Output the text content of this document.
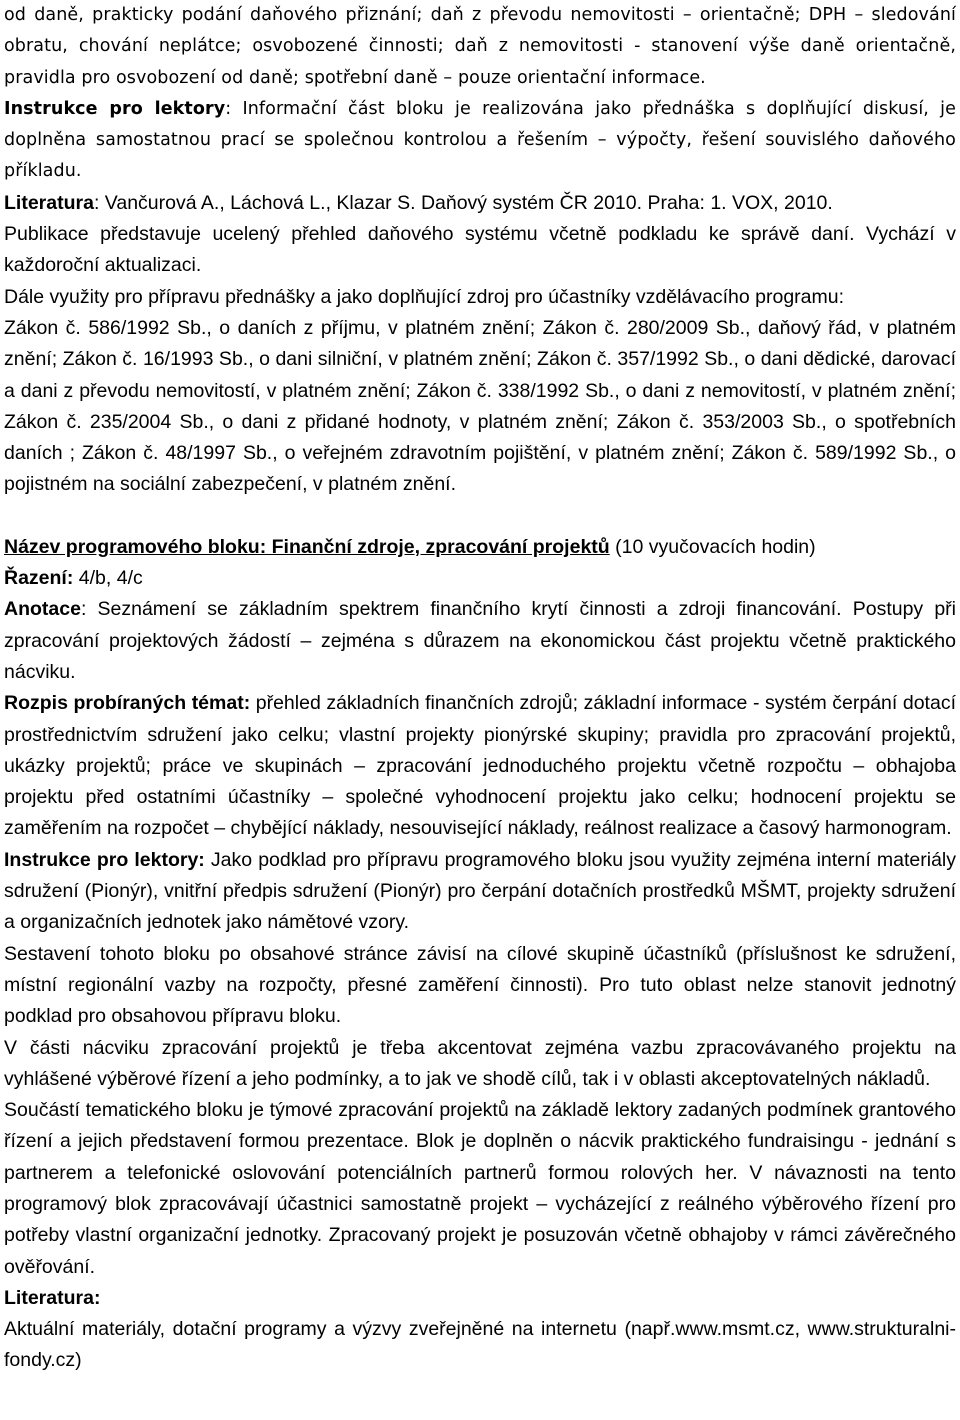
od daně, prakticky podání daňového přiznání; daň z převodu nemovitosti – orientačně; DPH – sledování obratu, chování neplátce; osvobozené činnosti; daň z nemovitosti - stanovení výše daně orientačně, pravidla pro osvobození od daně; spotřební daně – pouze orientační informace.

Instrukce pro lektory: Informační část bloku je realizována jako přednáška s doplňující diskusí, je doplněna samostatnou prací se společnou kontrolou a řešením – výpočty, řešení souvislého daňového příkladu.

Literatura: Vančurová A., Láchová L., Klazar S. Daňový systém ČR 2010. Praha: 1. VOX, 2010.

Publikace představuje ucelený přehled daňového systému včetně podkladu ke správě daní. Vychází v každoroční aktualizaci.

Dále využity pro přípravu přednášky a jako doplňující zdroj pro účastníky vzdělávacího programu:

Zákon č. 586/1992 Sb., o daních z příjmu, v platném znění; Zákon č. 280/2009 Sb., daňový řád, v platném znění; Zákon č. 16/1993 Sb., o dani silniční, v platném znění; Zákon č. 357/1992 Sb., o dani dědické, darovací a dani z převodu nemovitostí, v platném znění; Zákon č. 338/1992 Sb., o dani z nemovitostí, v platném znění; Zákon č. 235/2004 Sb., o dani z přidané hodnoty, v platném znění; Zákon č. 353/2003 Sb., o spotřebních daních ; Zákon č. 48/1997 Sb., o veřejném zdravotním pojištění, v platném znění; Zákon č. 589/1992 Sb., o pojistném na sociální zabezpečení, v platném znění.

Název programového bloku: Finanční zdroje, zpracování projektů (10 vyučovacích hodin)

Řazení: 4/b, 4/c

Anotace: Seznámení se základním spektrem finančního krytí činnosti a zdroji financování. Postupy při zpracování projektových žádostí – zejména s důrazem na ekonomickou část projektu včetně praktického nácviku.

Rozpis probíraných témat: přehled základních finančních zdrojů; základní informace - systém čerpání dotací prostřednictvím sdružení jako celku; vlastní projekty pionýrské skupiny; pravidla pro zpracování projektů, ukázky projektů; práce ve skupinách – zpracování jednoduchého projektu včetně rozpočtu – obhajoba projektu před ostatními účastníky – společné vyhodnocení projektu jako celku; hodnocení projektu se zaměřením na rozpočet – chybějící náklady, nesouvisející náklady, reálnost realizace a časový harmonogram.

Instrukce pro lektory: Jako podklad pro přípravu programového bloku jsou využity zejména interní materiály sdružení (Pionýr), vnitřní předpis sdružení (Pionýr) pro čerpání dotačních prostředků MŠMT, projekty sdružení a organizačních jednotek jako námětové vzory.

Sestavení tohoto bloku po obsahové stránce závisí na cílové skupině účastníků (příslušnost ke sdružení, místní regionální vazby na rozpočty, přesné zaměření činnosti). Pro tuto oblast nelze stanovit jednotný podklad pro obsahovou přípravu bloku.

V části nácviku zpracování projektů je třeba akcentovat zejména vazbu zpracovávaného projektu na vyhlášené výběrové řízení a jeho podmínky, a to jak ve shodě cílů, tak i v oblasti akceptovatelných nákladů.

Součástí tematického bloku je týmové zpracování projektů na základě lektory zadaných podmínek grantového řízení a jejich představení formou prezentace. Blok je doplněn o nácvik praktického fundraisingu - jednání s partnerem a telefonické oslovování potenciálních partnerů formou rolových her. V návaznosti na tento programový blok zpracovávají účastnici samostatně projekt – vycházející z reálného výběrového řízení pro potřeby vlastní organizační jednotky. Zpracovaný projekt je posuzován včetně obhajoby v rámci závěrečného ověřování.

Literatura:

Aktuální materiály, dotační programy a výzvy zveřejněné na internetu (např.www.msmt.cz, www.strukturalni-fondy.cz)
